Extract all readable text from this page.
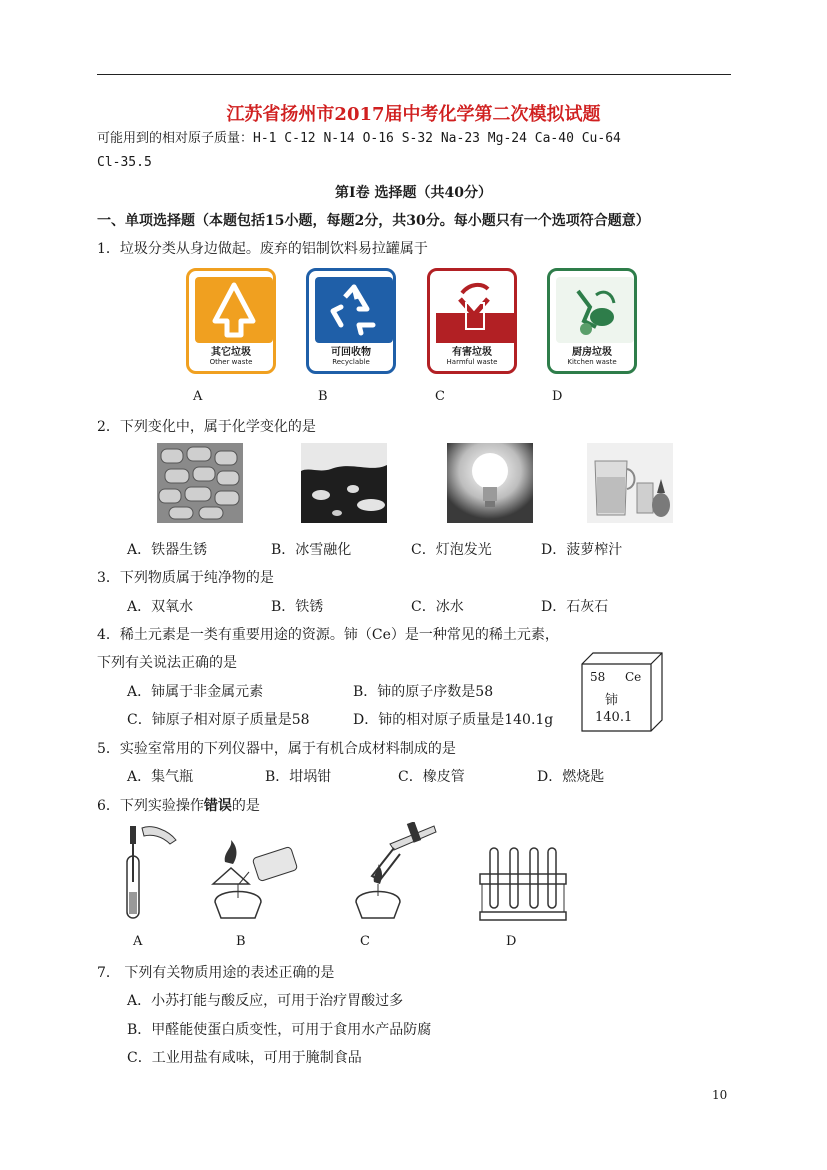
江苏省扬州市2017届中考化学第二次模拟试题
可能用到的相对原子质量：H-1 C-12 N-14 O-16 S-32 Na-23 Mg-24 Ca-40 Cu-64
Cl-35.5
第Ⅰ卷 选择题（共40分）
一、单项选择题（本题包括15小题，每题2分，共30分。每小题只有一个选项符合题意）
1．垃圾分类从身边做起。废弃的铝制饮料易拉罐属于
其它垃圾
Other waste
可回收物
Recyclable
有害垃圾
Harmful waste
厨房垃圾
Kitchen waste
A	B	C	D
2．下列变化中，属于化学变化的是
A．铁器生锈	B．冰雪融化	C．灯泡发光	D．菠萝榨汁
3．下列物质属于纯净物的是
A．双氧水	B．铁锈	C．冰水	D．石灰石
4．稀土元素是一类有重要用途的资源。铈（Ce）是一种常见的稀土元素，
下列有关说法正确的是
A．铈属于非金属元素	B．铈的原子序数是58
C．铈原子相对原子质量是58	D．铈的相对原子质量是140.1g
58 Ce
铈
140.1
5．实验室常用的下列仪器中，属于有机合成材料制成的是
A．集气瓶	B．坩埚钳	C．橡皮管	D．燃烧匙
6．下列实验操作错误的是
A	B	C	D
7． 下列有关物质用途的表述正确的是
A．小苏打能与酸反应，可用于治疗胃酸过多
B．甲醛能使蛋白质变性，可用于食用水产品防腐
C．工业用盐有咸味，可用于腌制食品
10
